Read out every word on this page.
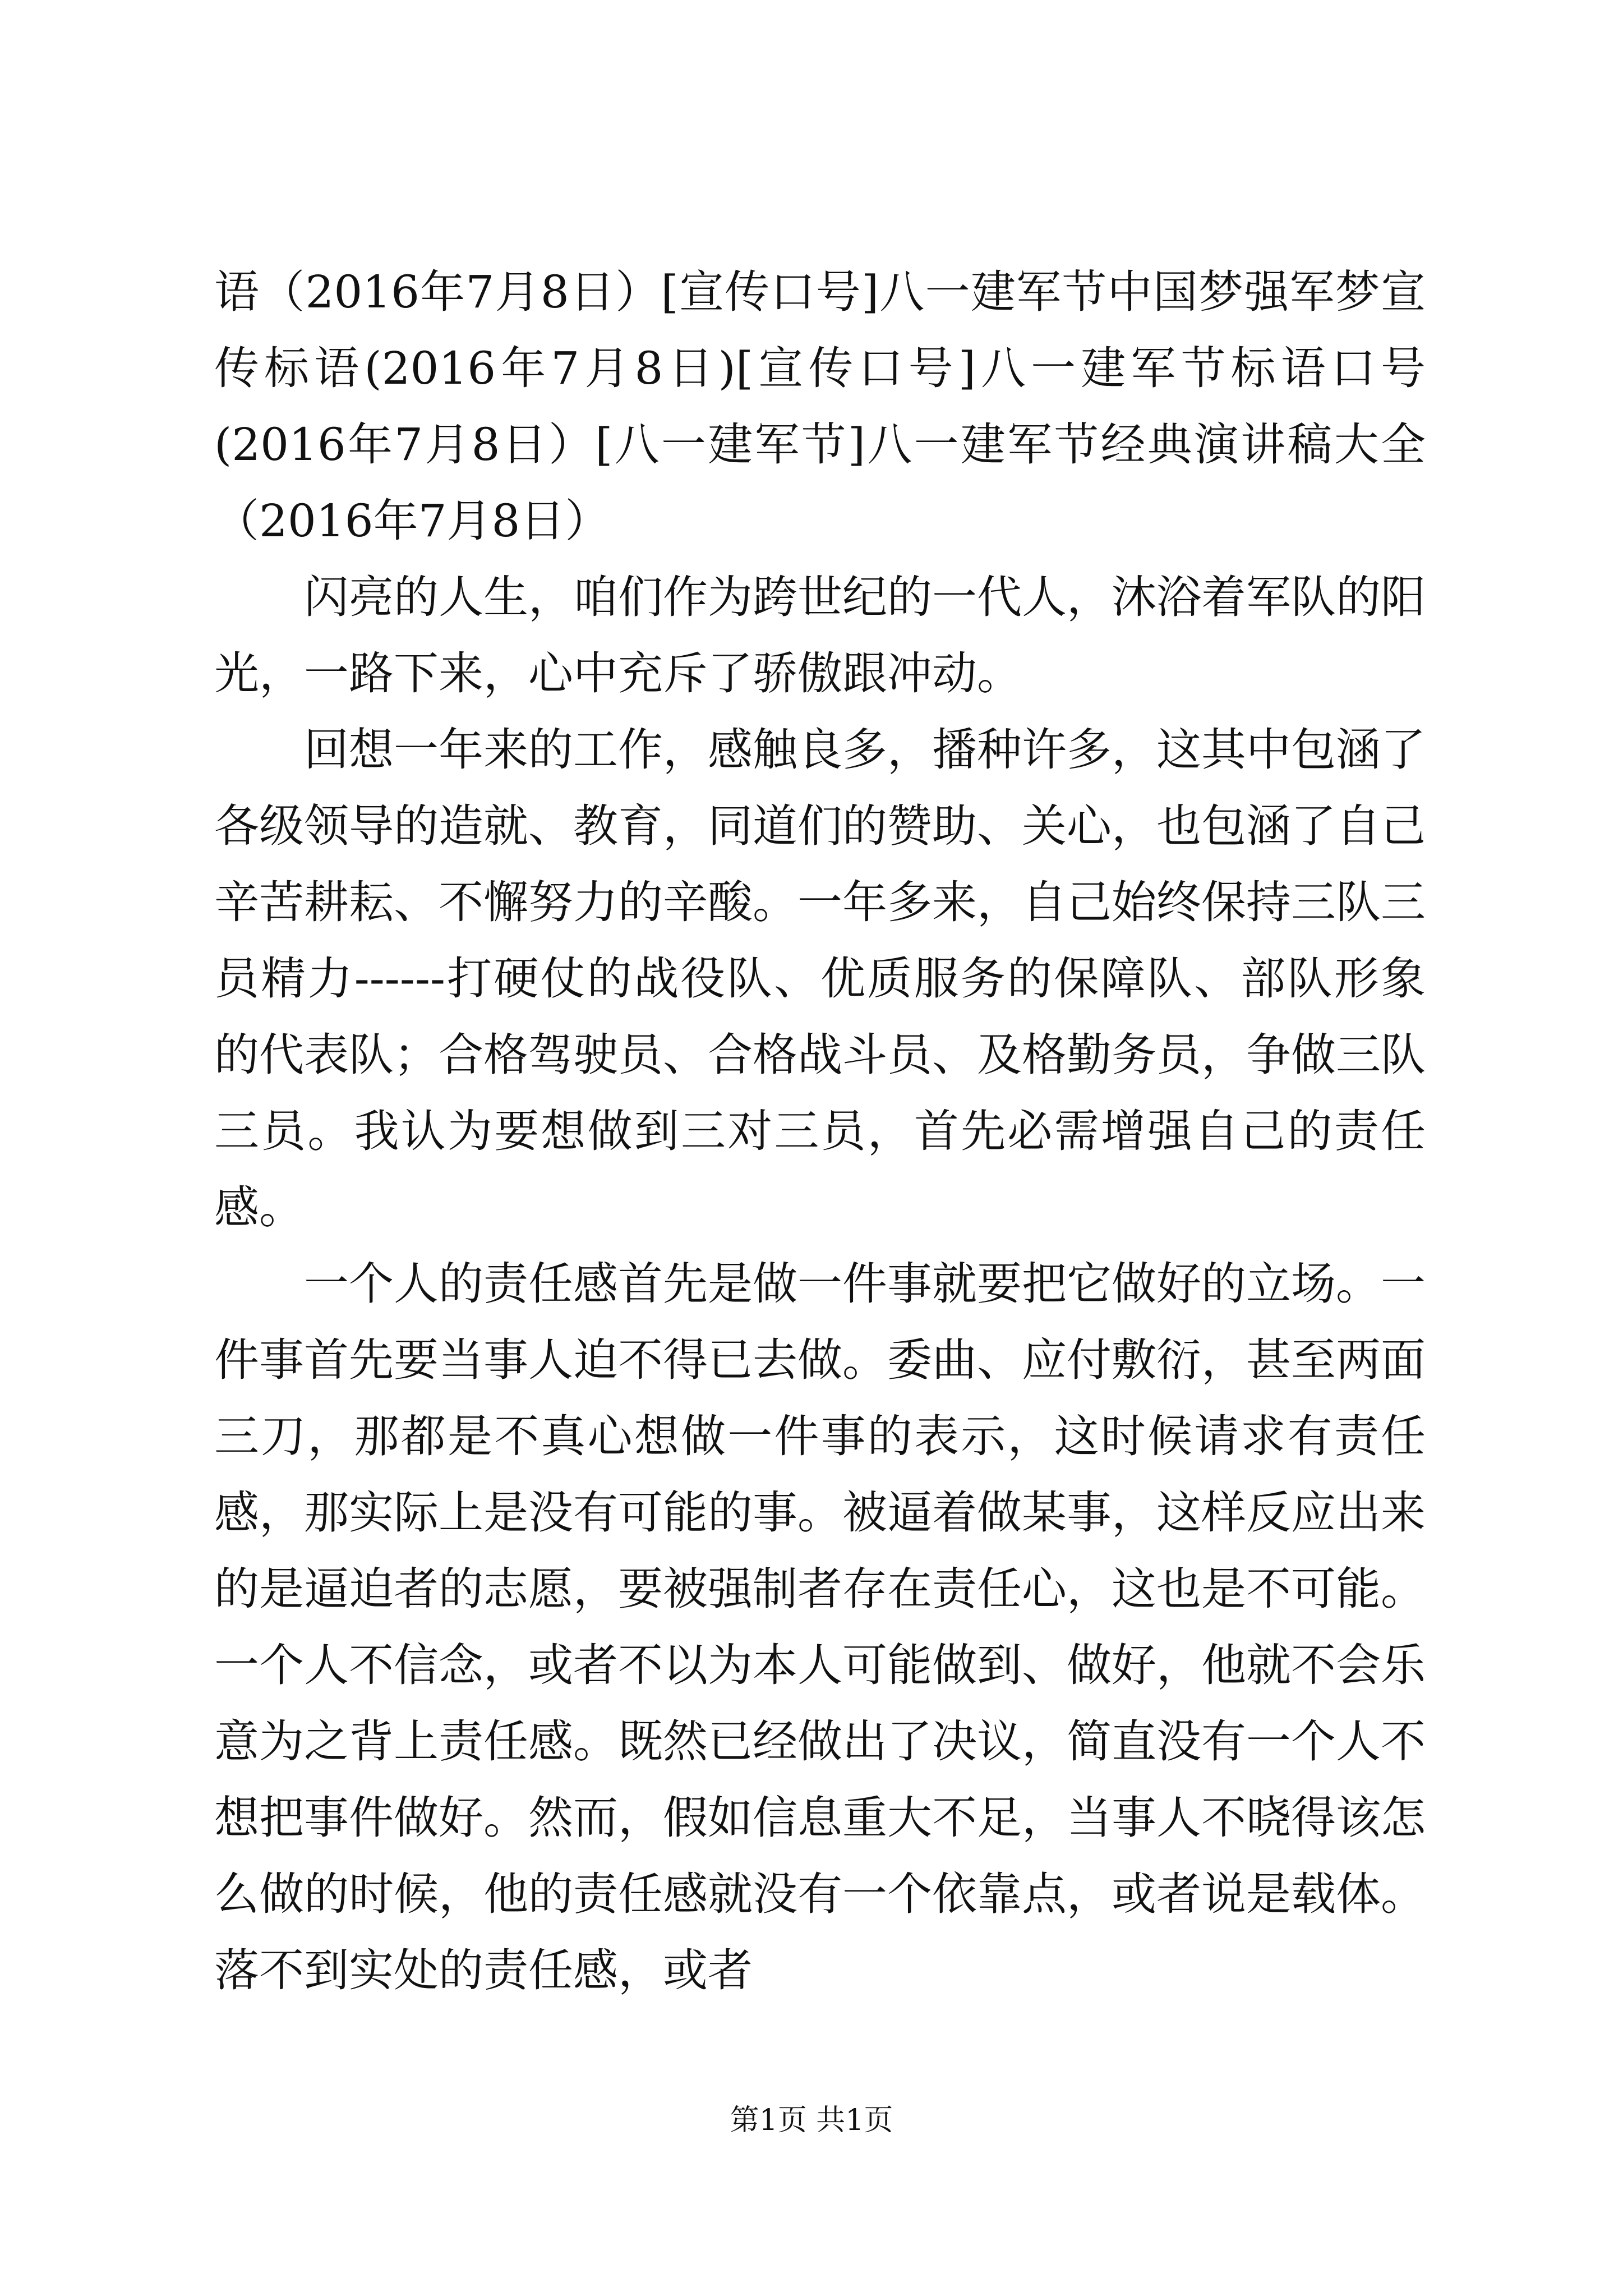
语（2016年7月8日）[宣传口号]八一建军节中国梦强军梦宣传标语(2016年7月8日)[宣传口号]八一建军节标语口号(2016年7月8日）[八一建军节]八一建军节经典演讲稿大全（2016年7月8日）

闪亮的人生，咱们作为跨世纪的一代人，沐浴着军队的阳光，一路下来，心中充斥了骄傲跟冲动。

回想一年来的工作，感触良多，播种许多，这其中包涵了各级领导的造就、教育，同道们的赞助、关心，也包涵了自己辛苦耕耘、不懈努力的辛酸。一年多来，自己始终保持三队三员精力------打硬仗的战役队、优质服务的保障队、部队形象的代表队；合格驾驶员、合格战斗员、及格勤务员，争做三队三员。我认为要想做到三对三员，首先必需增强自己的责任感。

一个人的责任感首先是做一件事就要把它做好的立场。一件事首先要当事人迫不得已去做。委曲、应付敷衍，甚至两面三刀，那都是不真心想做一件事的表示，这时候请求有责任感，那实际上是没有可能的事。被逼着做某事，这样反应出来的是逼迫者的志愿，要被强制者存在责任心，这也是不可能。一个人不信念，或者不以为本人可能做到、做好，他就不会乐意为之背上责任感。既然已经做出了决议，简直没有一个人不想把事件做好。然而，假如信息重大不足，当事人不晓得该怎么做的时候，他的责任感就没有一个依靠点，或者说是载体。落不到实处的责任感，或者

第1页 共1页
